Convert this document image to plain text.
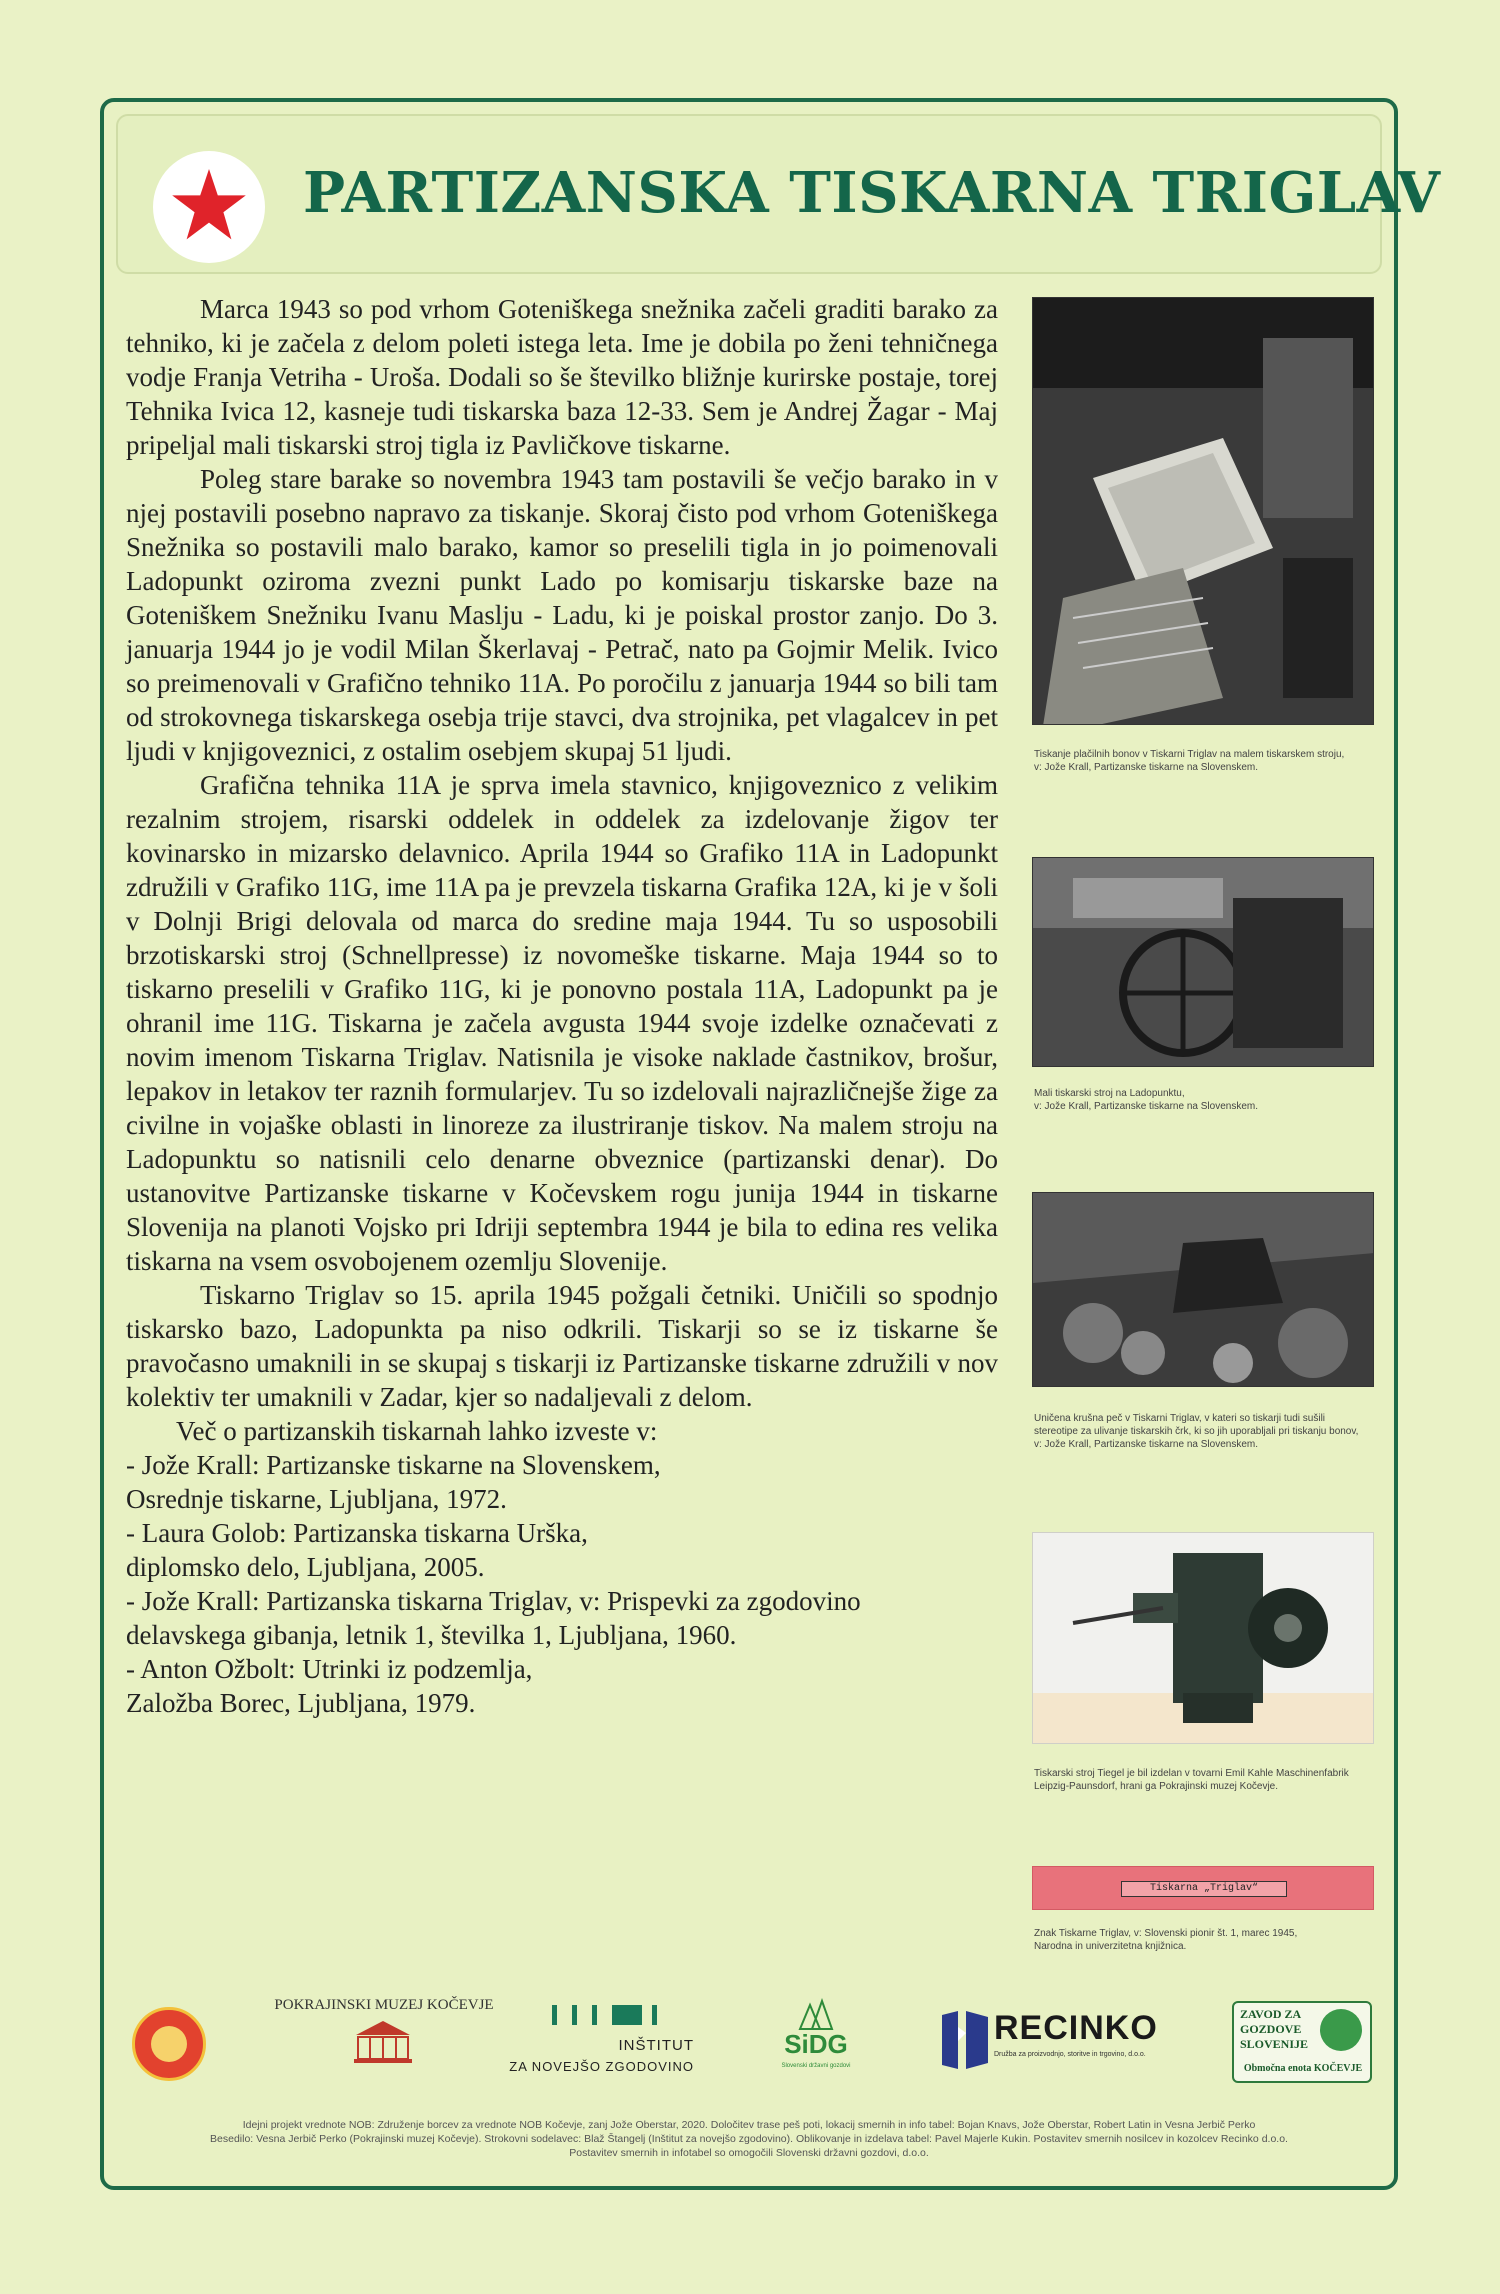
PARTIZANSKA TISKARNA TRIGLAV

Marca 1943 so pod vrhom Goteniškega snežnika začeli graditi barako za tehniko, ki je začela z delom poleti istega leta. Ime je dobila po ženi tehničnega vodje Franja Vetriha - Uroša. Dodali so še številko bližnje kurirske postaje, torej Tehnika Ivica 12, kasneje tudi tiskarska baza 12-33. Sem je Andrej Žagar - Maj pripeljal mali tiskarski stroj tigla iz Pavličkove tiskarne.

Poleg stare barake so novembra 1943 tam postavili še večjo barako in v njej postavili posebno napravo za tiskanje. Skoraj čisto pod vrhom Goteniškega Snežnika so postavili malo barako, kamor so preselili tigla in jo poimenovali Ladopunkt oziroma zvezni punkt Lado po komisarju tiskarske baze na Goteniškem Snežniku Ivanu Maslju - Ladu, ki je poiskal prostor zanjo. Do 3. januarja 1944 jo je vodil Milan Škerlavaj - Petrač, nato pa Gojmir Melik. Ivico so preimenovali v Grafično tehniko 11A. Po poročilu z januarja 1944 so bili tam od strokovnega tiskarskega osebja trije stavci, dva strojnika, pet vlagalcev in pet ljudi v knjigoveznici, z ostalim osebjem skupaj 51 ljudi.

Grafična tehnika 11A je sprva imela stavnico, knjigoveznico z velikim rezalnim strojem, risarski oddelek in oddelek za izdelovanje žigov ter kovinarsko in mizarsko delavnico. Aprila 1944 so Grafiko 11A in Ladopunkt združili v Grafiko 11G, ime 11A pa je prevzela tiskarna Grafika 12A, ki je v šoli v Dolnji Brigi delovala od marca do sredine maja 1944. Tu so usposobili brzotiskarski stroj (Schnellpresse) iz novomeške tiskarne. Maja 1944 so to tiskarno preselili v Grafiko 11G, ki je ponovno postala 11A, Ladopunkt pa je ohranil ime 11G. Tiskarna je začela avgusta 1944 svoje izdelke označevati z novim imenom Tiskarna Triglav. Natisnila je visoke naklade častnikov, brošur, lepakov in letakov ter raznih formularjev. Tu so izdelovali najrazličnejše žige za civilne in vojaške oblasti in linoreze za ilustriranje tiskov. Na malem stroju na Ladopunktu so natisnili celo denarne obveznice (partizanski denar). Do ustanovitve Partizanske tiskarne v Kočevskem rogu junija 1944 in tiskarne Slovenija na planoti Vojsko pri Idriji septembra 1944 je bila to edina res velika tiskarna na vsem osvobojenem ozemlju Slovenije.

Tiskarno Triglav so 15. aprila 1945 požgali četniki. Uničili so spodnjo tiskarsko bazo, Ladopunkta pa niso odkrili. Tiskarji so se iz tiskarne še pravočasno umaknili in se skupaj s tiskarji iz Partizanske tiskarne združili v nov kolektiv ter umaknili v Zadar, kjer so nadaljevali z delom.

Več o partizanskih tiskarnah lahko izveste v:

- Jože Krall: Partizanske tiskarne na Slovenskem,
Osrednje tiskarne, Ljubljana, 1972.
- Laura Golob: Partizanska tiskarna Urška,
diplomsko delo, Ljubljana, 2005.
- Jože Krall: Partizanska tiskarna Triglav, v: Prispevki za zgodovino
delavskega gibanja, letnik 1, številka 1, Ljubljana, 1960.
- Anton Ožbolt: Utrinki iz podzemlja,
Založba Borec, Ljubljana, 1979.
Tiskanje plačilnih bonov v Tiskarni Triglav na malem tiskarskem stroju,
v: Jože Krall, Partizanske tiskarne na Slovenskem.
Mali tiskarski stroj na Ladopunktu,
v: Jože Krall, Partizanske tiskarne na Slovenskem.
Uničena krušna peč v Tiskarni Triglav, v kateri so tiskarji tudi sušili
stereotipe za ulivanje tiskarskih črk, ki so jih uporabljali pri tiskanju bonov,
v: Jože Krall, Partizanske tiskarne na Slovenskem.
Tiskarski stroj Tiegel je bil izdelan v tovarni Emil Kahle Maschinenfabrik
Leipzig-Paunsdorf, hrani ga Pokrajinski muzej Kočevje.
Tiskarna „Triglav“
Znak Tiskarne Triglav, v: Slovenski pionir št. 1, marec 1945,
Narodna in univerzitetna knjižnica.
POKRAJINSKI MUZEJ KOČEVJE
INŠTITUT
ZA NOVEJŠO ZGODOVINO
SiDG
Slovenski državni gozdovi
RECINKO
Družba za proizvodnjo, storitve in trgovino, d.o.o.
ZAVOD ZA
GOZDOVE
SLOVENIJE
Območna enota KOČEVJE
Idejni projekt vrednote NOB: Združenje borcev za vrednote NOB Kočevje, zanj Jože Oberstar, 2020. Določitev trase peš poti, lokacij smernih in info tabel: Bojan Knavs, Jože Oberstar, Robert Latin in Vesna Jerbič Perko
Besedilo: Vesna Jerbič Perko (Pokrajinski muzej Kočevje). Strokovni sodelavec: Blaž Štangelj (Inštitut za novejšo zgodovino). Oblikovanje in izdelava tabel: Pavel Majerle Kukin. Postavitev smernih nosilcev in kozolcev Recinko d.o.o.
Postavitev smernih in infotabel so omogočili Slovenski državni gozdovi, d.o.o.
